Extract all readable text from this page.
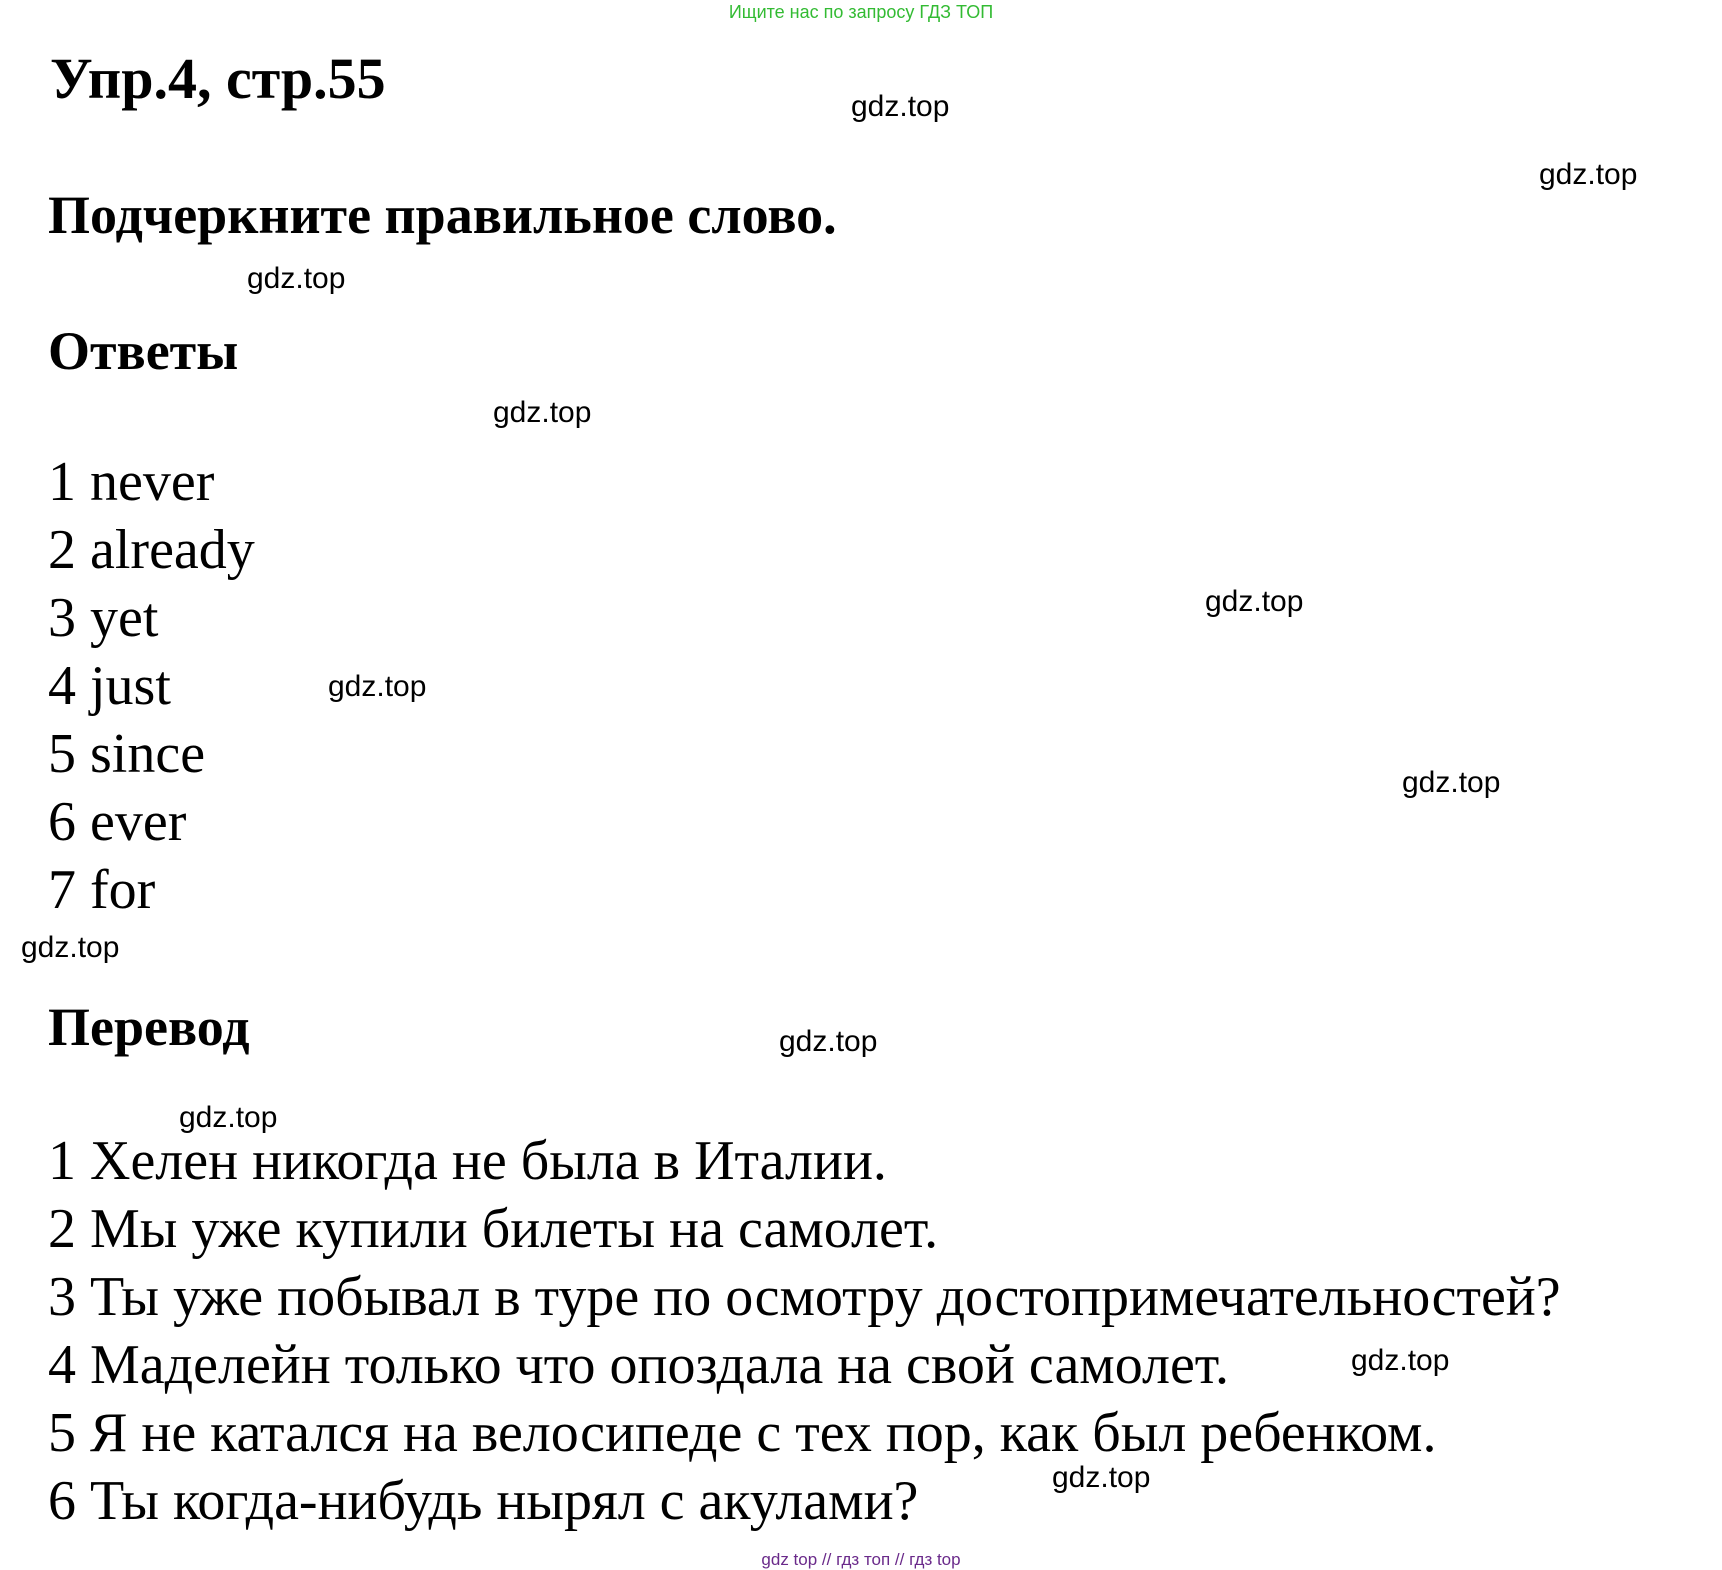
Ищите нас по запросу ГДЗ ТОП
Упр.4, стр.55
Подчеркните правильное слово.
Ответы
1 never
2 already
3 yet
4 just
5 since
6 ever
7 for
Перевод
1 Хелен никогда не была в Италии.
2 Мы уже купили билеты на самолет.
3 Ты уже побывал в туре по осмотру достопримечательностей?
4 Маделейн только что опоздала на свой самолет.
5 Я не катался на велосипеде с тех пор, как был ребенком.
6 Ты когда-нибудь нырял с акулами?
gdz.top
gdz.top
gdz.top
gdz.top
gdz.top
gdz.top
gdz.top
gdz.top
gdz.top
gdz.top
gdz.top
gdz.top
gdz top // гдз топ // гдз top
